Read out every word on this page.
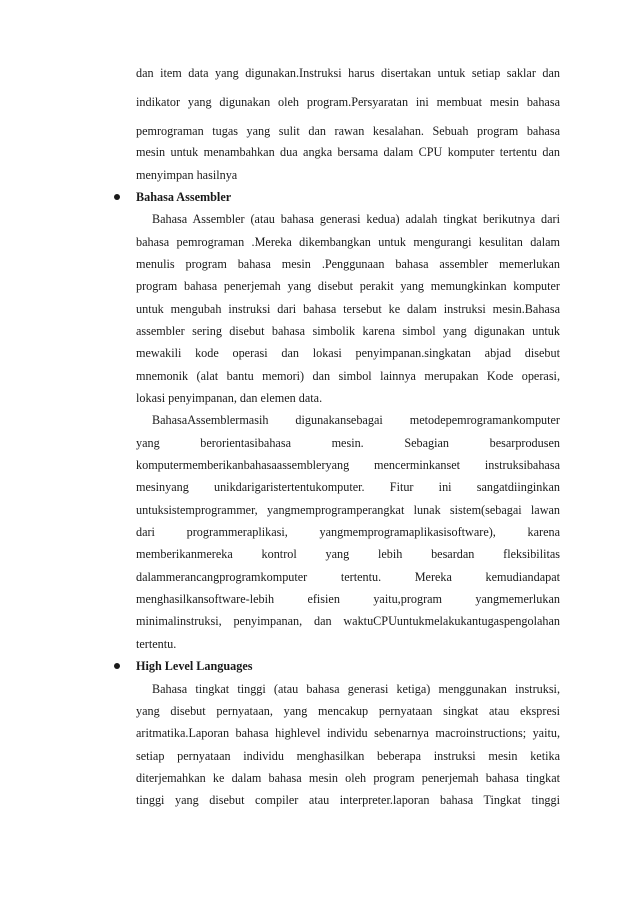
dan item data yang digunakan.Instruksi harus disertakan untuk setiap saklar dan
indikator yang digunakan oleh program.Persyaratan ini membuat mesin bahasa
pemrograman tugas yang sulit dan rawan kesalahan. Sebuah program bahasa
mesin untuk menambahkan dua angka bersama dalam CPU komputer tertentu dan
menyimpan hasilnya
Bahasa Assembler
Bahasa Assembler (atau bahasa generasi kedua) adalah tingkat berikutnya dari
bahasa pemrograman .Mereka dikembangkan untuk mengurangi kesulitan dalam
menulis program bahasa mesin .Penggunaan bahasa assembler memerlukan
program bahasa penerjemah yang disebut perakit yang memungkinkan komputer
untuk mengubah instruksi dari bahasa tersebut ke dalam instruksi mesin.Bahasa
assembler sering disebut bahasa simbolik karena simbol yang digunakan untuk
mewakili kode operasi dan lokasi penyimpanan.singkatan abjad disebut
mnemonik (alat bantu memori) dan simbol lainnya merupakan Kode operasi,
lokasi penyimpanan, dan elemen data.
BahasaAssemblermasih digunakansebagai metodepemrogramankomputer
yang berorientasibahasa mesin. Sebagian besarprodusen
komputermemberikanbahasaassembleryang mencerminkanset instruksibahasa
mesinyang unikdarigaristertentukomputer. Fitur ini sangatdiinginkan
untuksistemprogrammer, yangmemprogramperangkat lunak sistem(sebagai lawan
dari programmeraplikasi, yangmemprogramaplikasisoftware), karena
memberikanmereka kontrol yang lebih besardan fleksibilitas
dalammerancangprogramkomputer tertentu. Mereka kemudiandapat
menghasilkansoftware-lebih efisien yaitu,program yangmemerlukan
minimalinstruksi, penyimpanan, dan waktuCPUuntukmelakukantugaspengolahan
tertentu.
High Level Languages
Bahasa tingkat tinggi (atau bahasa generasi ketiga) menggunakan instruksi,
yang disebut pernyataan, yang mencakup pernyataan singkat atau ekspresi
aritmatika.Laporan bahasa highlevel individu sebenarnya macroinstructions; yaitu,
setiap pernyataan individu menghasilkan beberapa instruksi mesin ketika
diterjemahkan ke dalam bahasa mesin oleh program penerjemah bahasa tingkat
tinggi yang disebut compiler atau interpreter.laporan bahasa Tingkat tinggi
